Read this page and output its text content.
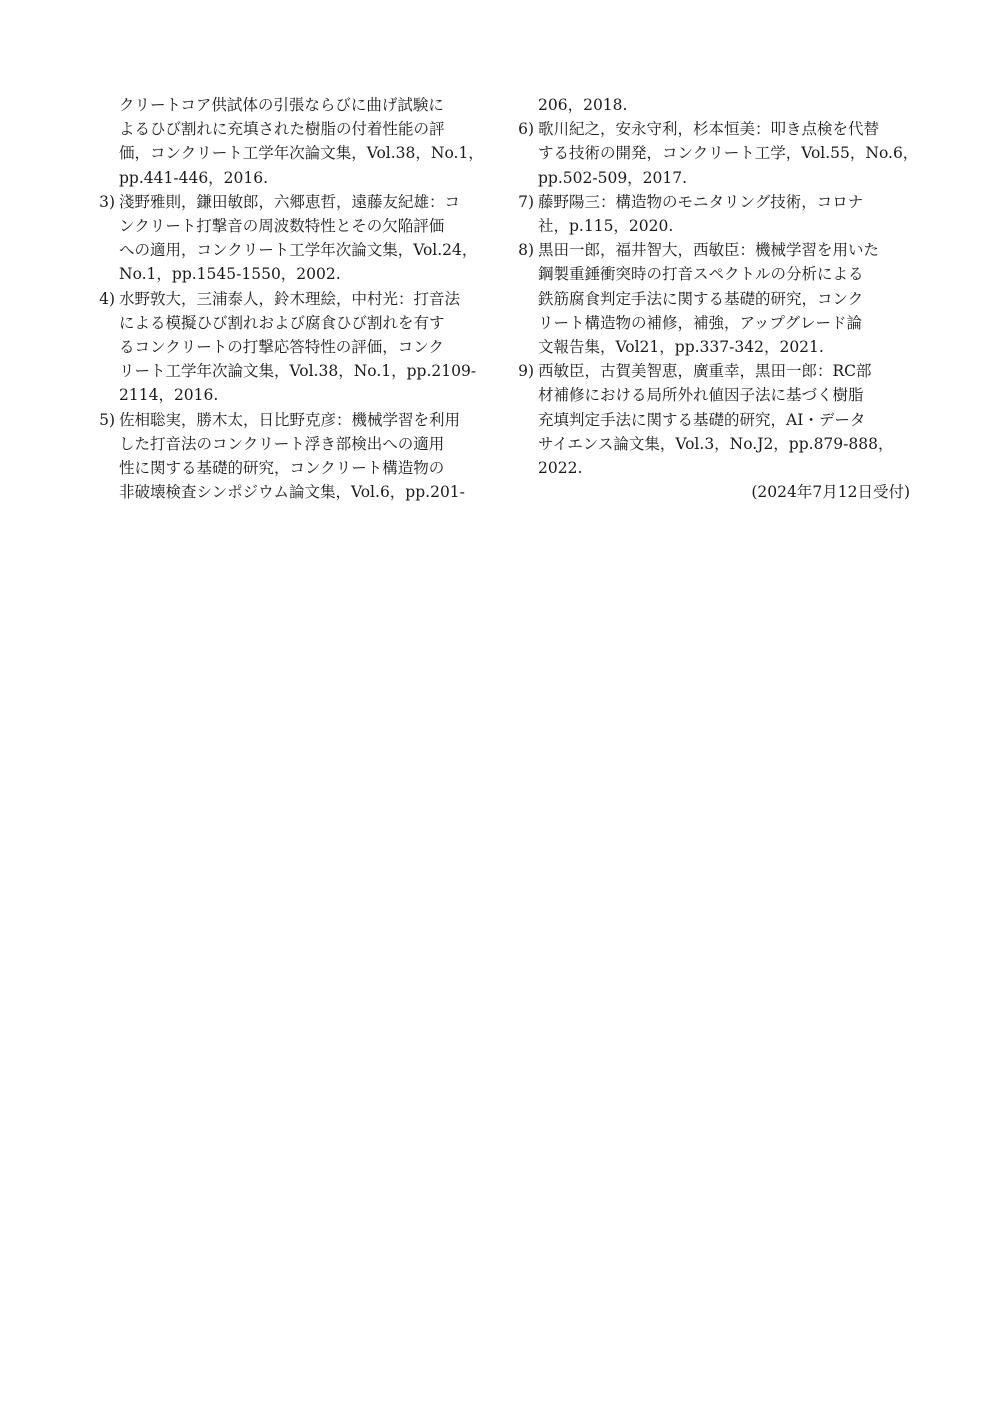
クリートコア供試体の引張ならびに曲げ試験に
よるひび割れに充填された樹脂の付着性能の評
価，コンクリート工学年次論文集，Vol.38，No.1，
pp.441-446，2016.
3) 淺野雅則，鎌田敏郎，六郷恵哲，遠藤友紀雄：コ
ンクリート打撃音の周波数特性とその欠陥評価
への適用，コンクリート工学年次論文集，Vol.24，
No.1，pp.1545-1550，2002.
4) 水野敦大，三浦泰人，鈴木理絵，中村光：打音法
による模擬ひび割れおよび腐食ひび割れを有す
るコンクリートの打撃応答特性の評価，コンク
リート工学年次論文集，Vol.38，No.1，pp.2109-
2114，2016.
5) 佐相聡実，勝木太，日比野克彦：機械学習を利用
した打音法のコンクリート浮き部検出への適用
性に関する基礎的研究，コンクリート構造物の
非破壊検査シンポジウム論文集，Vol.6，pp.201-
206，2018.
6) 歌川紀之，安永守利，杉本恒美：叩き点検を代替
する技術の開発，コンクリート工学，Vol.55，No.6，
pp.502-509，2017.
7) 藤野陽三：構造物のモニタリング技術，コロナ
社，p.115，2020.
8) 黒田一郎，福井智大，西敏臣：機械学習を用いた
鋼製重錘衝突時の打音スペクトルの分析による
鉄筋腐食判定手法に関する基礎的研究，コンク
リート構造物の補修，補強，アップグレード論
文報告集，Vol21，pp.337-342，2021.
9) 西敏臣，古賀美智恵，廣重幸，黒田一郎：RC部
材補修における局所外れ値因子法に基づく樹脂
充填判定手法に関する基礎的研究，AI・データ
サイエンス論文集，Vol.3，No.J2，pp.879-888，
2022.
(2024年7月12日受付)
